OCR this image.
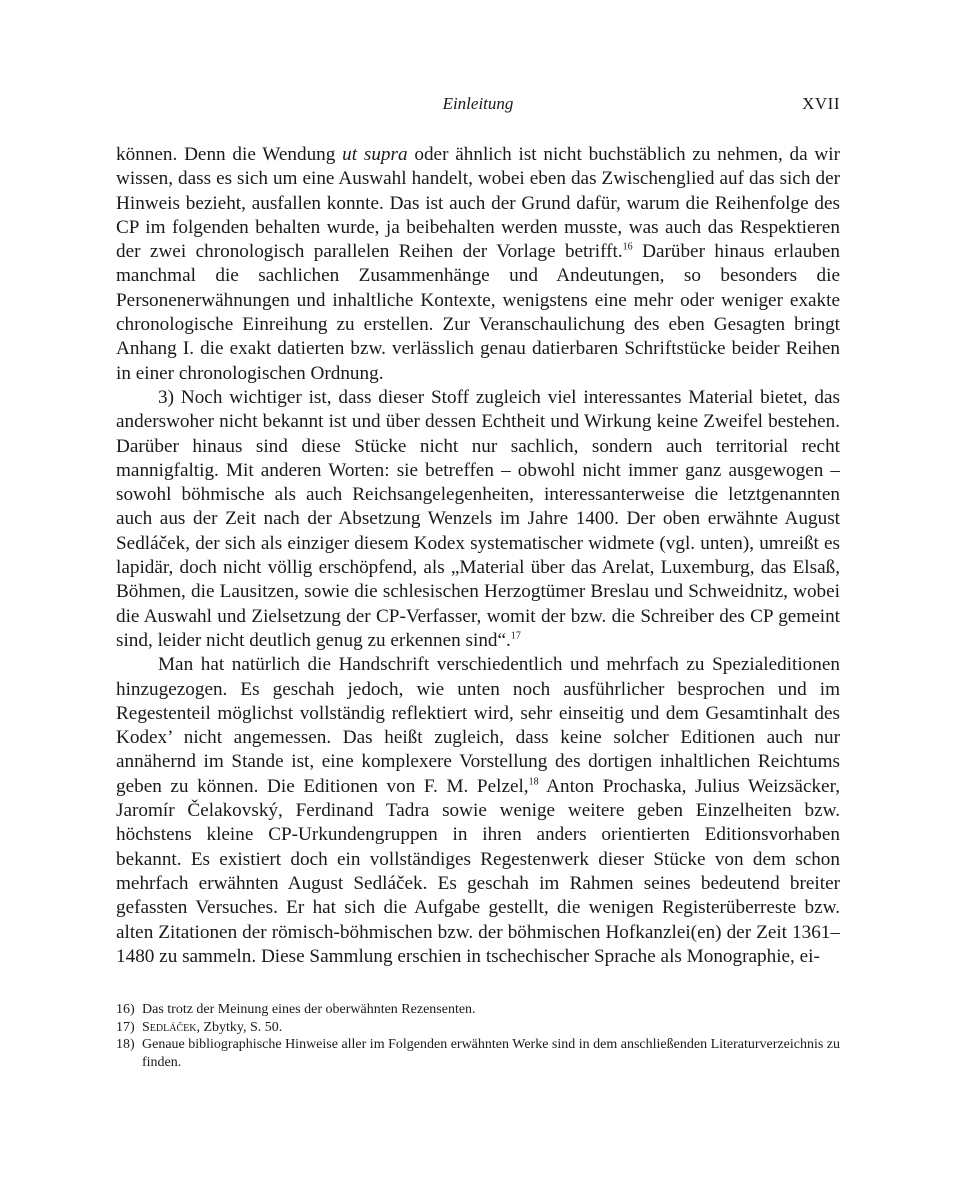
Einleitung	XVII

können. Denn die Wendung ut supra oder ähnlich ist nicht buchstäblich zu nehmen, da wir wissen, dass es sich um eine Auswahl handelt, wobei eben das Zwischenglied auf das sich der Hinweis bezieht, ausfallen konnte. Das ist auch der Grund dafür, warum die Reihenfolge des CP im folgenden behalten wurde, ja beibehalten werden musste, was auch das Respektieren der zwei chronologisch parallelen Reihen der Vorlage betrifft.$^{16}$ Darüber hinaus erlauben manchmal die sachlichen Zusammenhänge und Andeutungen, so besonders die Personenerwähnungen und inhaltliche Kontexte, wenigstens eine mehr oder weniger exakte chronologische Einreihung zu erstellen. Zur Veranschaulichung des eben Gesagten bringt Anhang I. die exakt datierten bzw. verlässlich genau datierbaren Schriftstücke beider Reihen in einer chronologischen Ordnung.

3) Noch wichtiger ist, dass dieser Stoff zugleich viel interessantes Material bietet, das anderswoher nicht bekannt ist und über dessen Echtheit und Wirkung keine Zweifel bestehen. Darüber hinaus sind diese Stücke nicht nur sachlich, sondern auch territorial recht mannigfaltig. Mit anderen Worten: sie betreffen – obwohl nicht immer ganz ausgewogen – sowohl böhmische als auch Reichsangelegenheiten, interessanterweise die letztgenannten auch aus der Zeit nach der Absetzung Wenzels im Jahre 1400. Der oben erwähnte August Sedláček, der sich als einziger diesem Kodex systematischer widmete (vgl. unten), umreißt es lapidär, doch nicht völlig erschöpfend, als „Material über das Arelat, Luxemburg, das Elsaß, Böhmen, die Lausitzen, sowie die schlesischen Herzogtümer Breslau und Schweidnitz, wobei die Auswahl und Zielsetzung der CP-Verfasser, womit der bzw. die Schreiber des CP gemeint sind, leider nicht deutlich genug zu erkennen sind“.$^{17}$

Man hat natürlich die Handschrift verschiedentlich und mehrfach zu Spezialeditionen hinzugezogen. Es geschah jedoch, wie unten noch ausführlicher besprochen und im Regestenteil möglichst vollständig reflektiert wird, sehr einseitig und dem Gesamtinhalt des Kodex’ nicht angemessen. Das heißt zugleich, dass keine solcher Editionen auch nur annähernd im Stande ist, eine komplexere Vorstellung des dortigen inhaltlichen Reichtums geben zu können. Die Editionen von F. M. Pelzel,$^{18}$ Anton Prochaska, Julius Weizsäcker, Jaromír Čelakovský, Ferdinand Tadra sowie wenige weitere geben Einzelheiten bzw. höchstens kleine CP-Urkundengruppen in ihren anders orientierten Editionsvorhaben bekannt. Es existiert doch ein vollständiges Regestenwerk dieser Stücke von dem schon mehrfach erwähnten August Sedláček. Es geschah im Rahmen seines bedeutend breiter gefassten Versuches. Er hat sich die Aufgabe gestellt, die wenigen Registerüberreste bzw. alten Zitationen der römisch-böhmischen bzw. der böhmischen Hofkanzlei(en) der Zeit 1361–1480 zu sammeln. Diese Sammlung erschien in tschechischer Sprache als Monographie, ei-

16) Das trotz der Meinung eines der oberwähnten Rezensenten.
17) Sedláček, Zbytky, S. 50.
18) Genaue bibliographische Hinweise aller im Folgenden erwähnten Werke sind in dem anschließenden Literaturverzeichnis zu finden.
